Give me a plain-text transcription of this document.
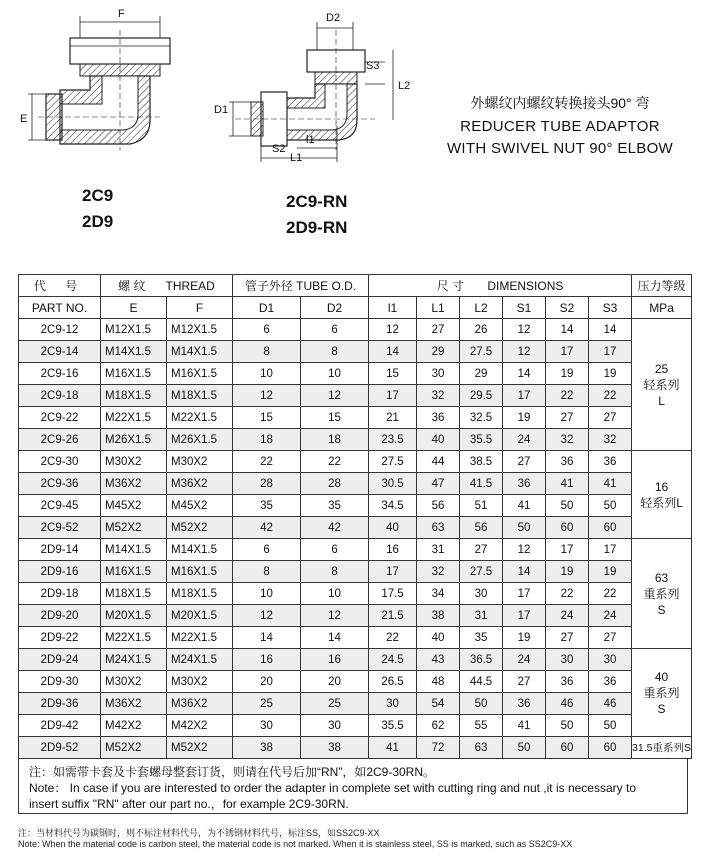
F
E
2C9
2D9
D2
S3
L2
D1
S2
l1
L1
2C9-RN
2D9-RN
外螺纹内螺纹转换接头90° 弯
REDUCER TUBE ADAPTOR
WITH SWIVEL NUT 90° ELBOW
代 号	螺 纹 THREAD		管子外径 TUBE O.D.		尺 寸 DIMENSIONS						压力等级
PART NO.	E	F	D1	D2	l1	L1	L2	S1	S2	S3	MPa
2C9-12	M12X1.5	M12X1.5	6	6	12	27	26	12	14	14	25
轻系列
L

2C9-14	M14X1.5	M14X1.5	8	8	14	29	27.5	12	17	17	
2C9-16	M16X1.5	M16X1.5	10	10	15	30	29	14	19	19	
2C9-18	M18X1.5	M18X1.5	12	12	17	32	29.5	17	22	22	
2C9-22	M22X1.5	M22X1.5	15	15	21	36	32.5	19	27	27	
2C9-26	M26X1.5	M26X1.5	18	18	23.5	40	35.5	24	32	32	
2C9-30	M30X2	M30X2	22	22	27.5	44	38.5	27	36	36	16
轻系列L

2C9-36	M36X2	M36X2	28	28	30.5	47	41.5	36	41	41	
2C9-45	M45X2	M45X2	35	35	34.5	56	51	41	50	50	
2C9-52	M52X2	M52X2	42	42	40	63	56	50	60	60	
2D9-14	M14X1.5	M14X1.5	6	6	16	31	27	12	17	17	63
重系列
S

2D9-16	M16X1.5	M16X1.5	8	8	17	32	27.5	14	19	19	
2D9-18	M18X1.5	M18X1.5	10	10	17.5	34	30	17	22	22	
2D9-20	M20X1.5	M20X1.5	12	12	21.5	38	31	17	24	24	
2D9-22	M22X1.5	M22X1.5	14	14	22	40	35	19	27	27	
2D9-24	M24X1.5	M24X1.5	16	16	24.5	43	36.5	24	30	30	40
重系列
S

2D9-30	M30X2	M30X2	20	20	26.5	48	44.5	27	36	36	
2D9-36	M36X2	M36X2	25	25	30	54	50	36	46	46	
2D9-42	M42X2	M42X2	30	30	35.5	62	55	41	50	50	
2D9-52	M52X2	M52X2	38	38	41	72	63	50	60	60	31.5重系列S
注：如需带卡套及卡套螺母整套订货，则请在代号后加“RN”，如2C9-30RN。
Note： In case if you are interested to order the adapter in complete set with cutting ring and nut ,it is necessary to
insert suffix "RN" after our part no.，for example 2C9-30RN.
注：当材料代号为碳钢时，则不标注材料代号，为不锈钢材料代号，标注SS，如SS2C9-XX
Note: When the material code is carbon steel, the material code is not marked. When it is stainless steel, SS is marked, such as SS2C9-XX
